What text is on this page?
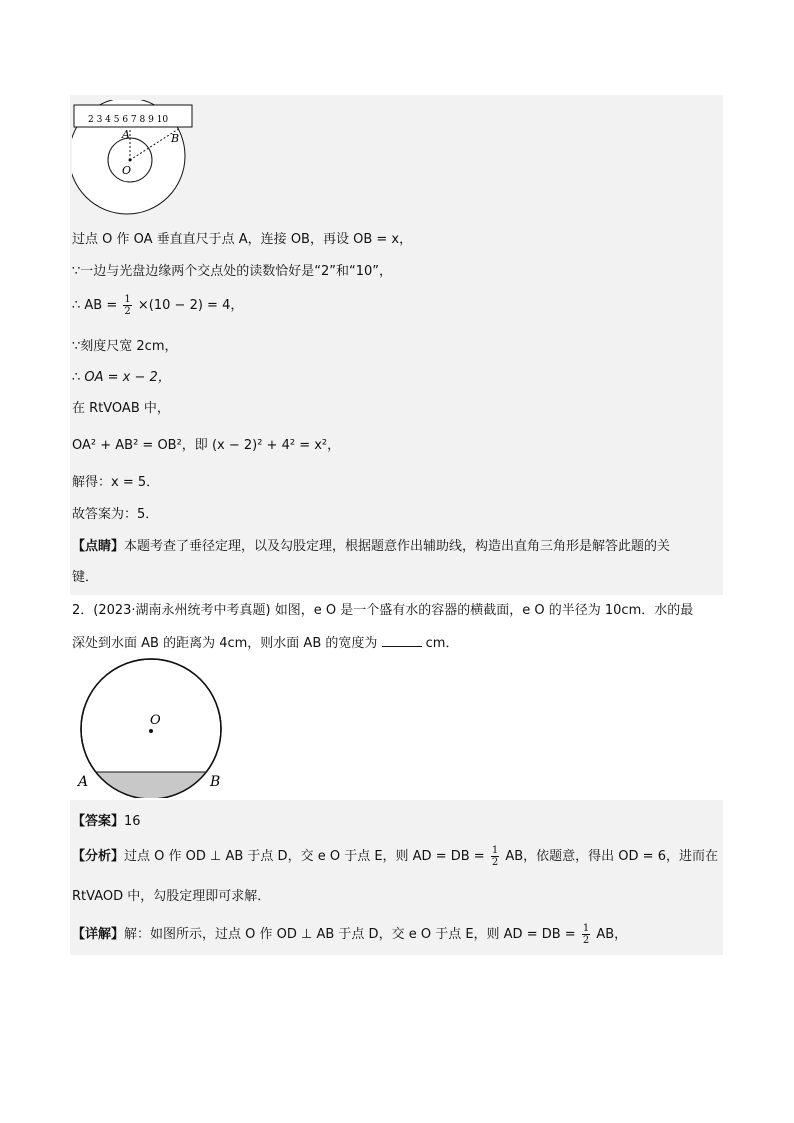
2 3 4 5 6 7 8 9 10
A	B
O
过点 O 作 OA 垂直直尺于点 A，连接 OB，再设 OB = x，
∵一边与光盘边缘两个交点处的读数恰好是“2”和“10”，
∴ AB = $\frac{1}{2} \times(10 - 2) = 4$，
∵刻度尺宽 2cm，
∴ OA = x − 2，
在 RtVOAB 中，
OA² + AB² = OB²，即 (x − 2)² + 4² = x²，
解得：x = 5．
故答案为：5．
【点睛】本题考查了垂径定理，以及勾股定理，根据题意作出辅助线，构造出直角三角形是解答此题的关
键．
2．(2023·湖南永州统考中考真题) 如图，e O 是一个盛有水的容器的横截面，e O 的半径为 10cm．水的最
深处到水面 AB 的距离为 4cm，则水面 AB 的宽度为	cm．
O
A	B
【答案】16
【分析】过点 O 作 OD ⊥ AB 于点 D，交 e O 于点 E，则 AD = DB = $\frac{1}{2}$ AB，依题意，得出 OD = 6，进而在
RtVAOD 中，勾股定理即可求解．
【详解】解：如图所示，过点 O 作 OD ⊥ AB 于点 D，交 e O 于点 E，则 AD = DB = $\frac{1}{2}$ AB，
